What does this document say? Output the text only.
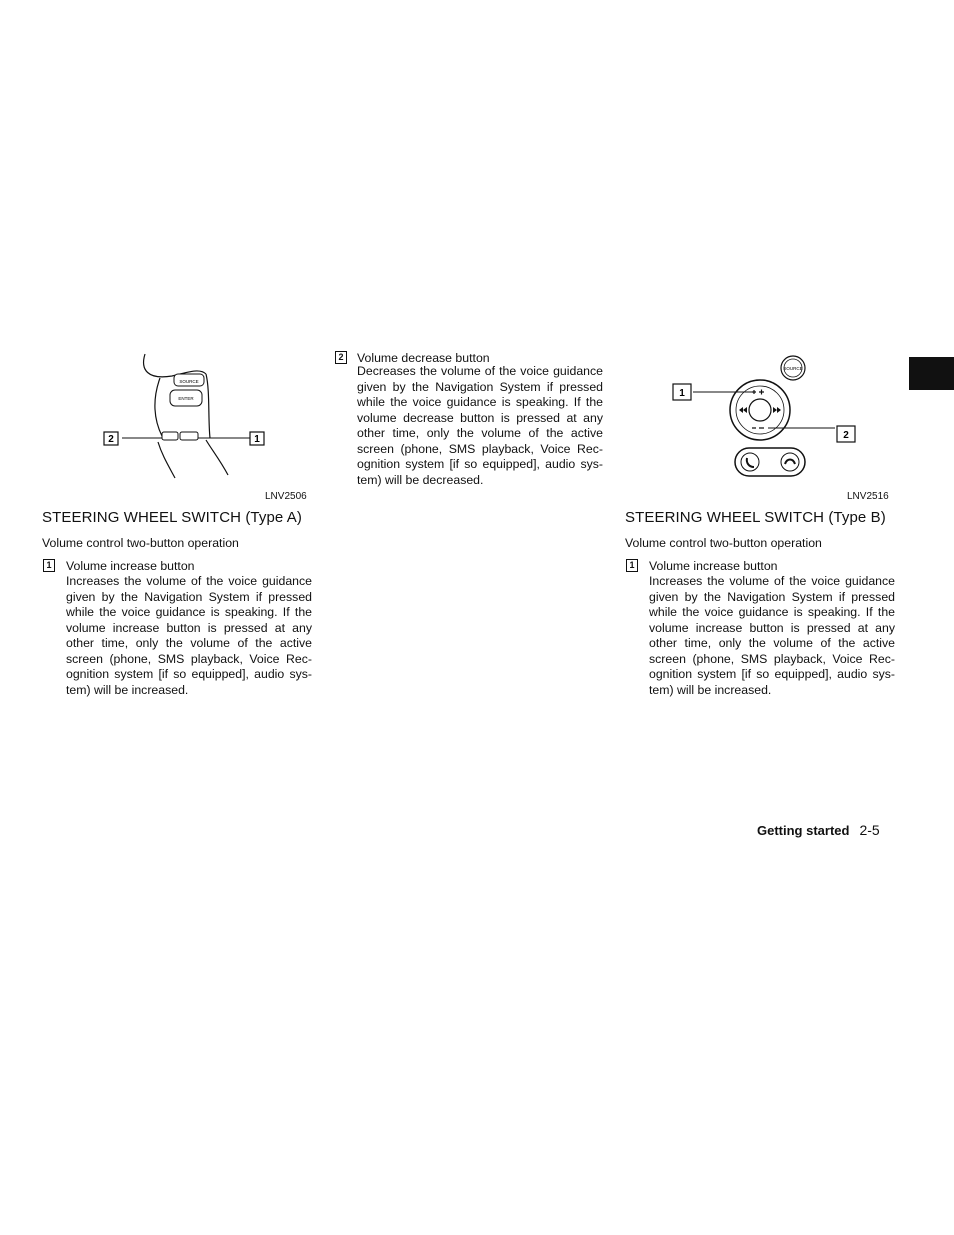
SOURCE
ENTER
2	1
LNV2506
STEERING WHEEL SWITCH (Type A)
Volume control two-button operation
1 Volume increase button
Increases the volume of the voice guidance
given by the Navigation System if pressed
while the voice guidance is speaking. If the
volume increase button is pressed at any
other time, only the volume of the active
screen (phone, SMS playback, Voice Rec-
ognition system [if so equipped], audio sys-
tem) will be increased.
2 Volume decrease button
Decreases the volume of the voice guidance
given by the Navigation System if pressed
while the voice guidance is speaking. If the
volume decrease button is pressed at any
other time, only the volume of the active
screen (phone, SMS playback, Voice Rec-
ognition system [if so equipped], audio sys-
tem) will be decreased.
SOURCE
1
2
LNV2516
STEERING WHEEL SWITCH (Type B)
Volume control two-button operation
1 Volume increase button
Increases the volume of the voice guidance
given by the Navigation System if pressed
while the voice guidance is speaking. If the
volume increase button is pressed at any
other time, only the volume of the active
screen (phone, SMS playback, Voice Rec-
ognition system [if so equipped], audio sys-
tem) will be increased.
Getting started 2-5
